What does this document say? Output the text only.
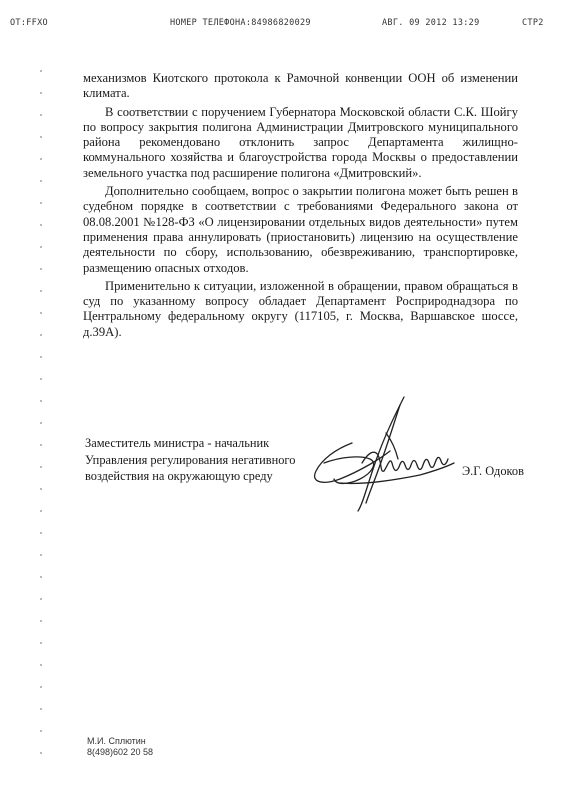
ОТ:FFXO	НОМЕР ТЕЛЕФОНА:84986820029	АВГ. 09 2012 13:29	СТР2

механизмов Киотского протокола к Рамочной конвенции ООН об изменении климата.

В соответствии с поручением Губернатора Московской области С.К. Шойгу по вопросу закрытия полигона Администрации Дмитровского муниципального района рекомендовано отклонить запрос Департамента жилищно-коммунального хозяйства и благоустройства города Москвы о предоставлении земельного участка под расширение полигона «Дмитровский».

Дополнительно сообщаем, вопрос о закрытии полигона может быть решен в судебном порядке в соответствии с требованиями Федерального закона от 08.08.2001 №128-ФЗ «О лицензировании отдельных видов деятельности» путем применения права аннулировать (приостановить) лицензию на осуществление деятельности по сбору, использованию, обезвреживанию, транспортировке, размещению опасных отходов.

Применительно к ситуации, изложенной в обращении, правом обращаться в суд по указанному вопросу обладает Департамент Росприроднадзора по Центральному федеральному округу (117105, г. Москва, Варшавское шоссе, д.39А).

Заместитель министра - начальник
Управления регулирования негативного
воздействия на окружающую среду	Э.Г. Одоков
М.И. Сплютин
8(498)602 20 58
